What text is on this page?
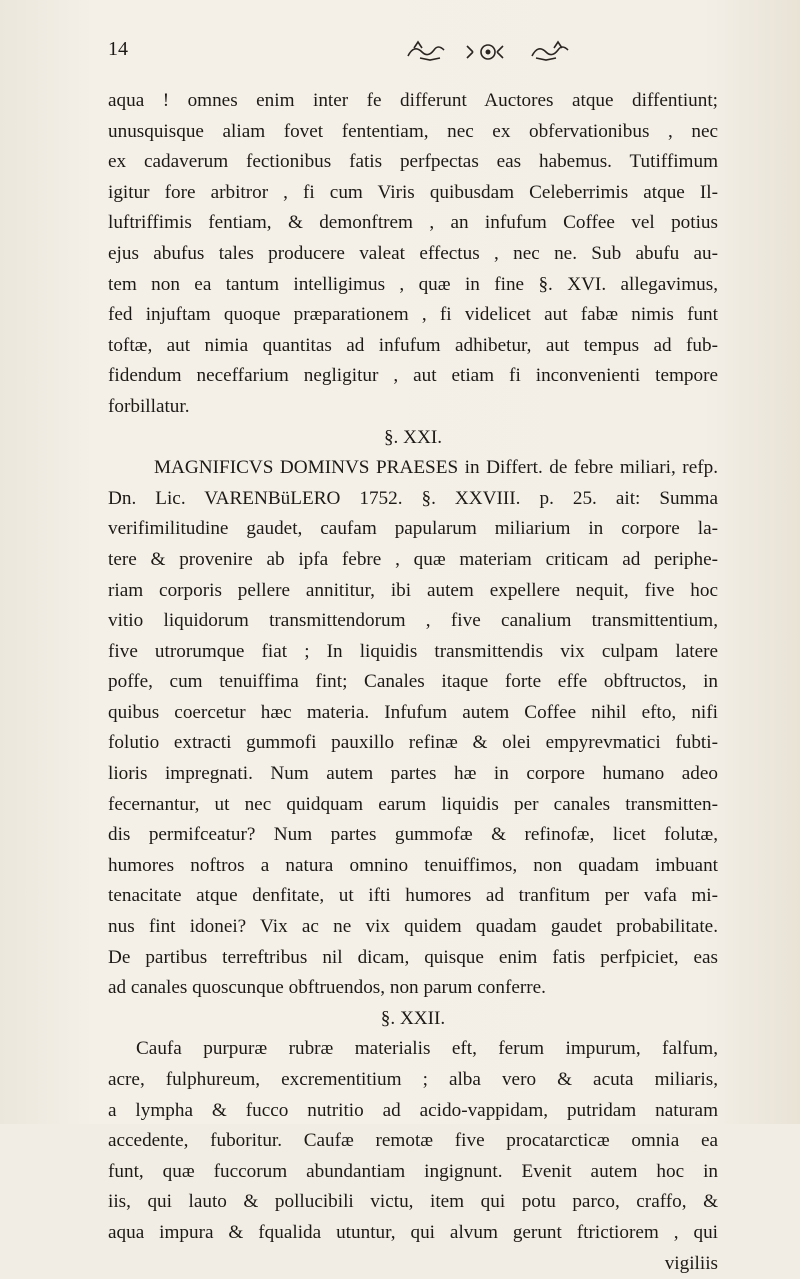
14
aqua ! omnes enim inter fe differunt Auctores atque diffentiunt;
unusquisque aliam fovet fententiam, nec ex obfervationibus , nec
ex cadaverum fectionibus fatis perfpectas eas habemus. Tutiffimum
igitur fore arbitror , fi cum Viris quibusdam Celeberrimis atque Il-
luftriffimis fentiam, & demonftrem , an infufum Coffee vel potius
ejus abufus tales producere valeat effectus , nec ne. Sub abufu au-
tem non ea tantum intelligimus , quæ in fine §. XVI. allegavimus,
fed injuftam quoque præparationem , fi videlicet aut fabæ nimis funt
toftæ, aut nimia quantitas ad infufum adhibetur, aut tempus ad fub-
fidendum neceffarium negligitur , aut etiam fi inconvenienti tempore
forbillatur.
§. XXI.
MAGNIFICVS DOMINVS PRAESES in Differt. de febre miliari, refp.
Dn. Lic. VARENBüLERO 1752. §. XXVIII. p. 25. ait: Summa
verifimilitudine gaudet, caufam papularum miliarium in corpore la-
tere & provenire ab ipfa febre , quæ materiam criticam ad periphe-
riam corporis pellere annititur, ibi autem expellere nequit, five hoc
vitio liquidorum transmittendorum , five canalium transmittentium,
five utrorumque fiat ; In liquidis transmittendis vix culpam latere
poffe, cum tenuiffima fint; Canales itaque forte effe obftructos, in
quibus coercetur hæc materia. Infufum autem Coffee nihil efto, nifi
folutio extracti gummofi pauxillo refinæ & olei empyrevmatici fubti-
lioris impregnati. Num autem partes hæ in corpore humano adeo
fecernantur, ut nec quidquam earum liquidis per canales transmitten-
dis permifceatur? Num partes gummofæ & refinofæ, licet folutæ,
humores noftros a natura omnino tenuiffimos, non quadam imbuant
tenacitate atque denfitate, ut ifti humores ad tranfitum per vafa mi-
nus fint idonei? Vix ac ne vix quidem quadam gaudet probabilitate.
De partibus terreftribus nil dicam, quisque enim fatis perfpiciet, eas
ad canales quoscunque obftruendos, non parum conferre.
§. XXII.
Caufa purpuræ rubræ materialis eft, ferum impurum, falfum,
acre, fulphureum, excrementitium ; alba vero & acuta miliaris,
a lympha & fucco nutritio ad acido-vappidam, putridam naturam
accedente, fuboritur. Caufæ remotæ five procatarcticæ omnia ea
funt, quæ fuccorum abundantiam ingignunt. Evenit autem hoc in
iis, qui lauto & pollucibili victu, item qui potu parco, craffo, &
aqua impura & fqualida utuntur, qui alvum gerunt ftrictiorem , qui
vigiliis
